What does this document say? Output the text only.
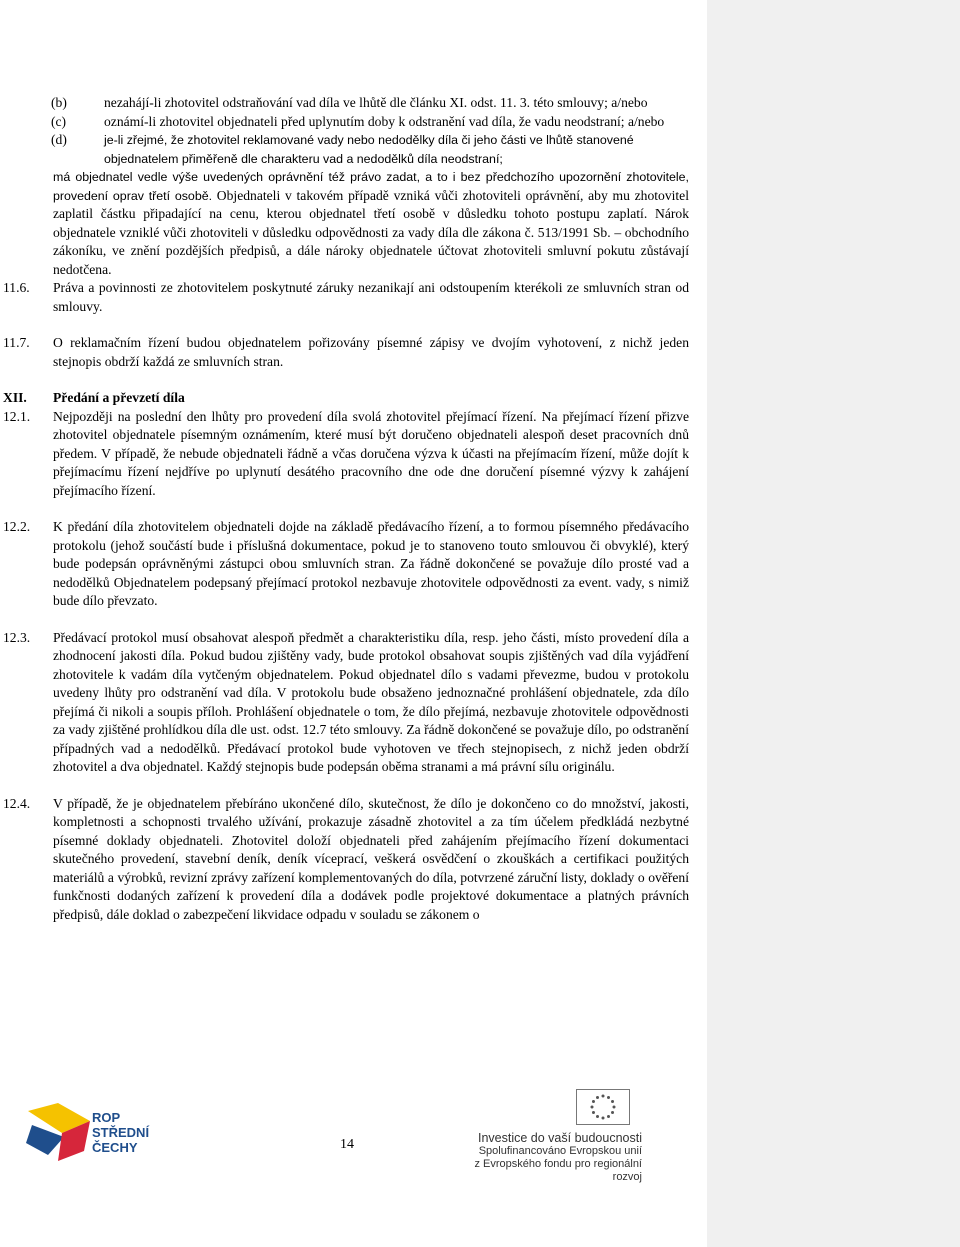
(b)	nezahájí-li zhotovitel odstraňování vad díla ve lhůtě dle článku XI. odst. 11. 3. této smlouvy; a/nebo
(c)	oznámí-li zhotovitel objednateli před uplynutím doby k odstranění vad díla, že vadu neodstraní; a/nebo
(d)	je-li zřejmé, že zhotovitel reklamované vady nebo nedodělky díla či jeho části ve lhůtě stanovené objednatelem přiměřeně dle charakteru vad a nedodělků díla neodstraní;
má objednatel vedle výše uvedených oprávnění též právo zadat, a to i bez předchozího upozornění zhotovitele, provedení oprav třetí osobě. Objednateli v takovém případě vzniká vůči zhotoviteli oprávnění, aby mu zhotovitel zaplatil částku připadající na cenu, kterou objednatel třetí osobě v důsledku tohoto postupu zaplatí. Nárok objednatele vzniklé vůči zhotoviteli v důsledku odpovědnosti za vady díla dle zákona č. 513/1991 Sb. – obchodního zákoníku, ve znění pozdějších předpisů, a dále nároky objednatele účtovat zhotoviteli smluvní pokutu zůstávají nedotčena.
11.6. Práva a povinnosti ze zhotovitelem poskytnuté záruky nezanikají ani odstoupením kterékoli ze smluvních stran od smlouvy.
11.7. O reklamačním řízení budou objednatelem pořizovány písemné zápisy ve dvojím vyhotovení, z nichž jeden stejnopis obdrží každá ze smluvních stran.
XII. Předání a převzetí díla
12.1. Nejpozději na poslední den lhůty pro provedení díla svolá zhotovitel přejímací řízení. Na přejímací řízení přizve zhotovitel objednatele písemným oznámením, které musí být doručeno objednateli alespoň deset pracovních dnů předem. V případě, že nebude objednateli řádně a včas doručena výzva k účasti na přejímacím řízení, může dojít k přejímacímu řízení nejdříve po uplynutí desátého pracovního dne ode dne doručení písemné výzvy k zahájení přejímacího řízení.
12.2. K předání díla zhotovitelem objednateli dojde na základě předávacího řízení, a to formou písemného předávacího protokolu (jehož součástí bude i příslušná dokumentace, pokud je to stanoveno touto smlouvou či obvyklé), který bude podepsán oprávněnými zástupci obou smluvních stran. Za řádně dokončené se považuje dílo prosté vad a nedodělků Objednatelem podepsaný přejímací protokol nezbavuje zhotovitele odpovědnosti za event. vady, s nimiž bude dílo převzato.
12.3. Předávací protokol musí obsahovat alespoň předmět a charakteristiku díla, resp. jeho části, místo provedení díla a zhodnocení jakosti díla. Pokud budou zjištěny vady, bude protokol obsahovat soupis zjištěných vad díla vyjádření zhotovitele k vadám díla vytčeným objednatelem. Pokud objednatel dílo s vadami převezme, budou v protokolu uvedeny lhůty pro odstranění vad díla. V protokolu bude obsaženo jednoznačné prohlášení objednatele, zda dílo přejímá či nikoli a soupis příloh. Prohlášení objednatele o tom, že dílo přejímá, nezbavuje zhotovitele odpovědnosti za vady zjištěné prohlídkou díla dle ust. odst. 12.7 této smlouvy. Za řádně dokončené se považuje dílo, po odstranění případných vad a nedodělků. Předávací protokol bude vyhotoven ve třech stejnopisech, z nichž jeden obdrží zhotovitel a dva objednatel. Každý stejnopis bude podepsán oběma stranami a má právní sílu originálu.
12.4. V případě, že je objednatelem přebíráno ukončené dílo, skutečnost, že dílo je dokončeno co do množství, jakosti, kompletnosti a schopnosti trvalého užívání, prokazuje zásadně zhotovitel a za tím účelem předkládá nezbytné písemné doklady objednateli. Zhotovitel doloží objednateli před zahájením přejímacího řízení dokumentaci skutečného provedení, stavební deník, deník víceprací, veškerá osvědčení o zkouškách a certifikaci použitých materiálů a výrobků, revizní zprávy zařízení komplementovaných do díla, potvrzené záruční listy, doklady o ověření funkčnosti dodaných zařízení k provedení díla a dodávek podle projektové dokumentace a platných právních předpisů, dále doklad o zabezpečení likvidace odpadu v souladu se zákonem o
ROP
STŘEDNÍ
ČECHY	14	Investice do vaší budoucnosti
Spolufinancováno Evropskou unií
z Evropského fondu pro regionální rozvoj
